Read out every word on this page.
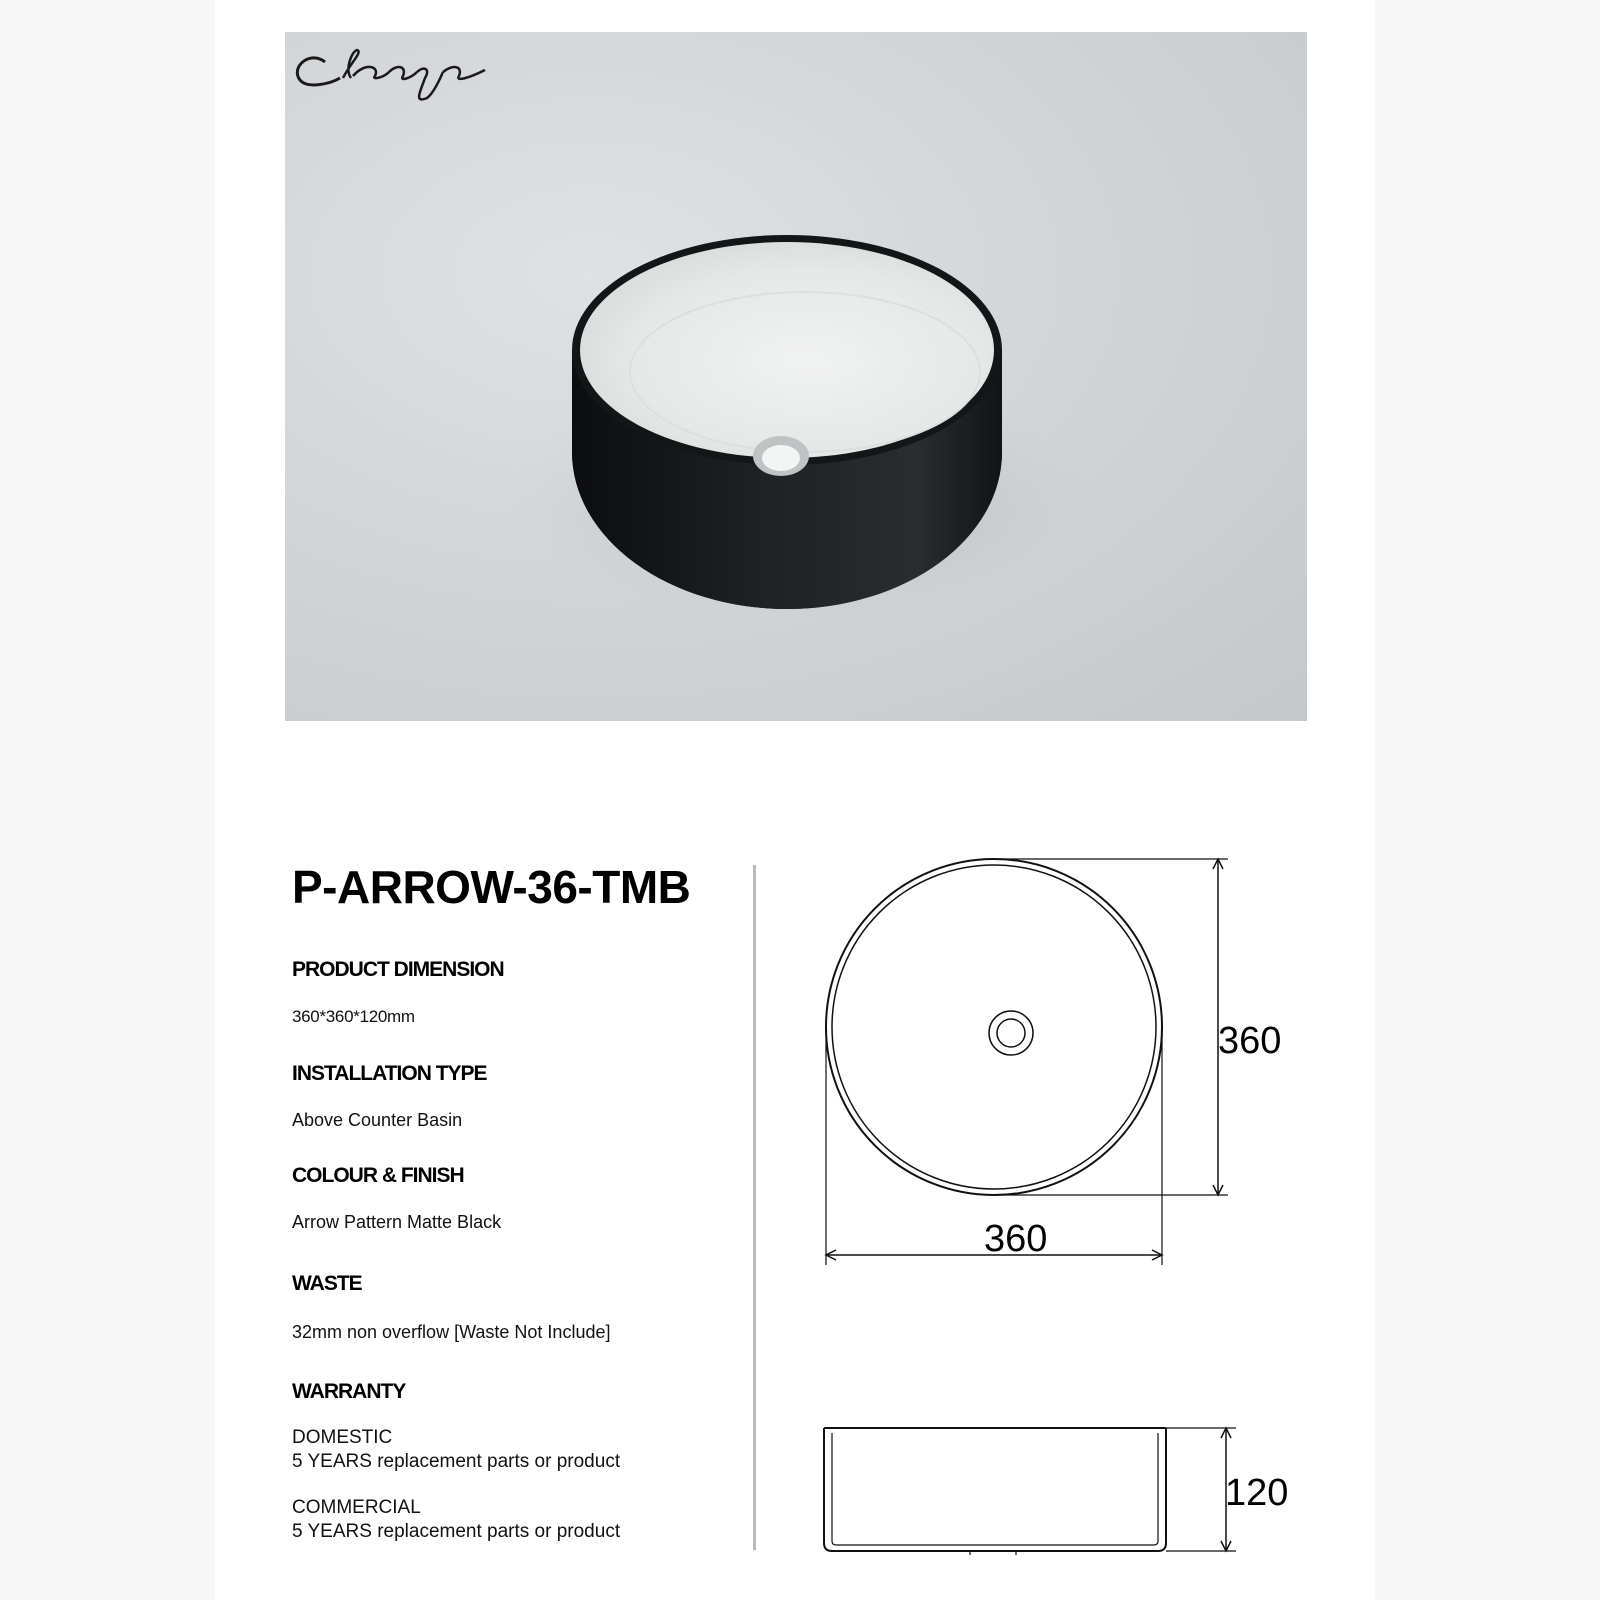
P-ARROW-36-TMB
PRODUCT DIMENSION
360*360*120mm
INSTALLATION TYPE
Above Counter Basin
COLOUR & FINISH
Arrow Pattern Matte Black
WASTE
32mm non overflow [Waste Not Include]
WARRANTY
DOMESTIC
5 YEARS replacement parts or product
COMMERCIAL
5 YEARS replacement parts or product
360
360
120
